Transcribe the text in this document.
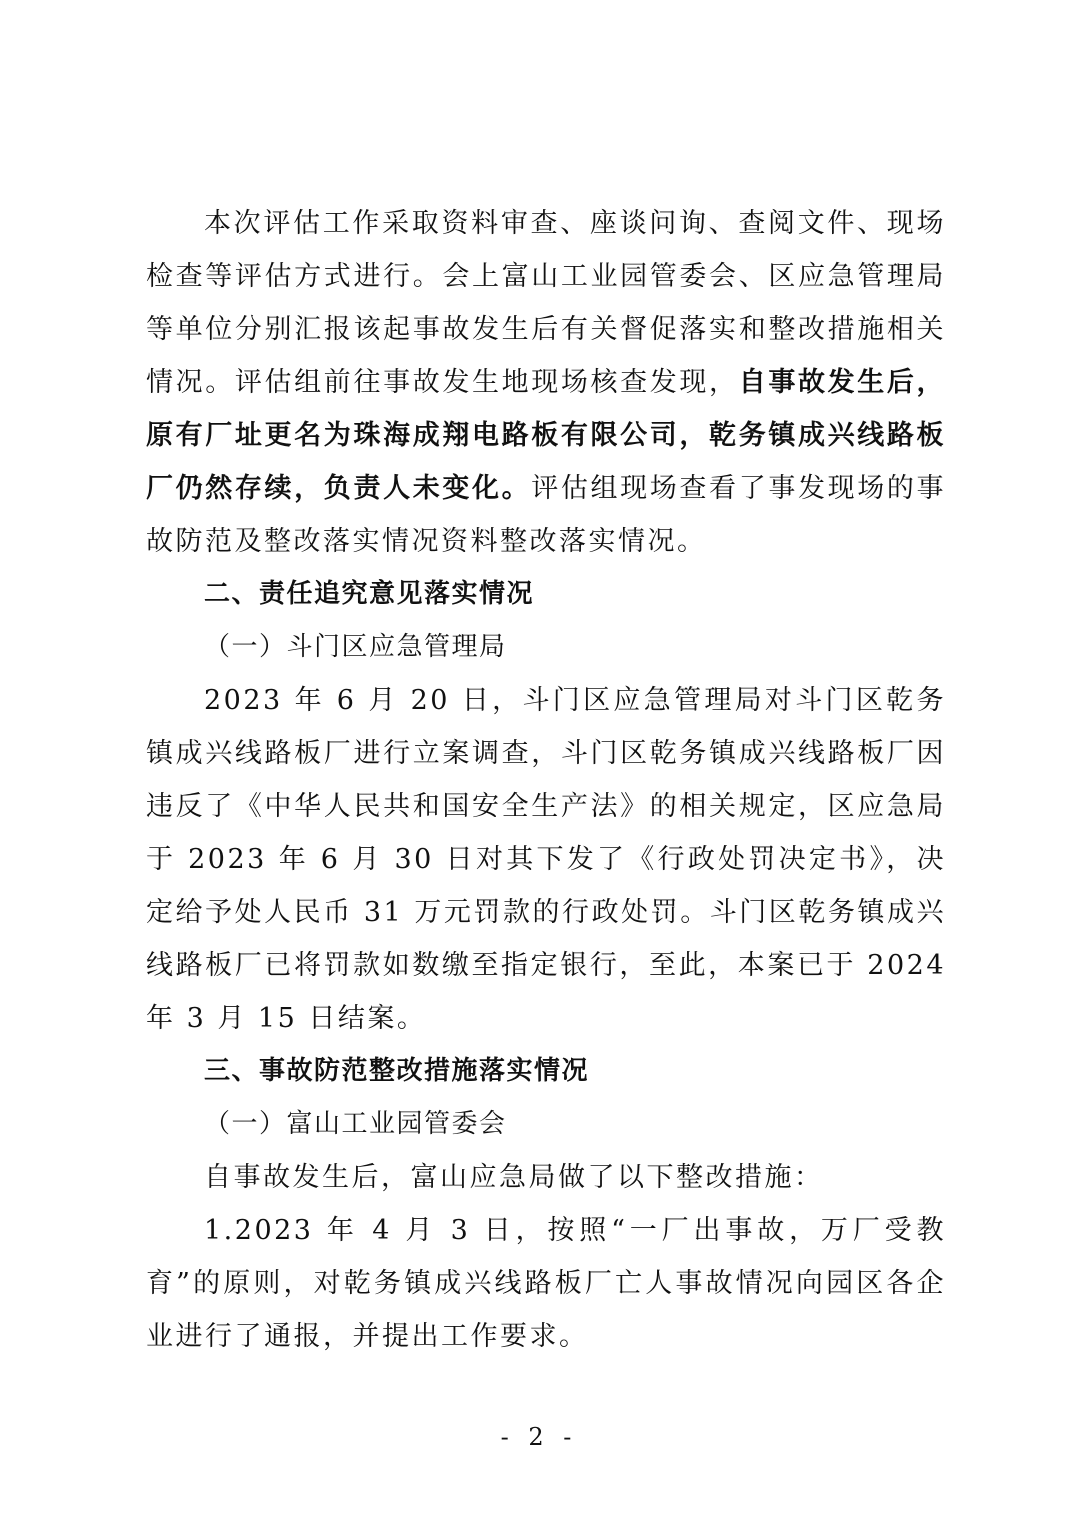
本次评估工作采取资料审查、座谈问询、查阅文件、现场检查等评估方式进行。会上富山工业园管委会、区应急管理局等单位分别汇报该起事故发生后有关督促落实和整改措施相关情况。评估组前往事故发生地现场核查发现，自事故发生后，原有厂址更名为珠海成翔电路板有限公司，乾务镇成兴线路板厂仍然存续，负责人未变化。评估组现场查看了事发现场的事故防范及整改落实情况资料整改落实情况。

二、责任追究意见落实情况

（一）斗门区应急管理局

2023 年 6 月 20 日，斗门区应急管理局对斗门区乾务镇成兴线路板厂进行立案调查，斗门区乾务镇成兴线路板厂因违反了《中华人民共和国安全生产法》的相关规定，区应急局于 2023 年 6 月 30 日对其下发了《行政处罚决定书》，决定给予处人民币 31 万元罚款的行政处罚。斗门区乾务镇成兴线路板厂已将罚款如数缴至指定银行，至此，本案已于 2024 年 3 月 15 日结案。

三、事故防范整改措施落实情况

（一）富山工业园管委会

自事故发生后，富山应急局做了以下整改措施：

1.2023 年 4 月 3 日，按照“一厂出事故，万厂受教育”的原则，对乾务镇成兴线路板厂亡人事故情况向园区各企业进行了通报，并提出工作要求。

- 2 -
